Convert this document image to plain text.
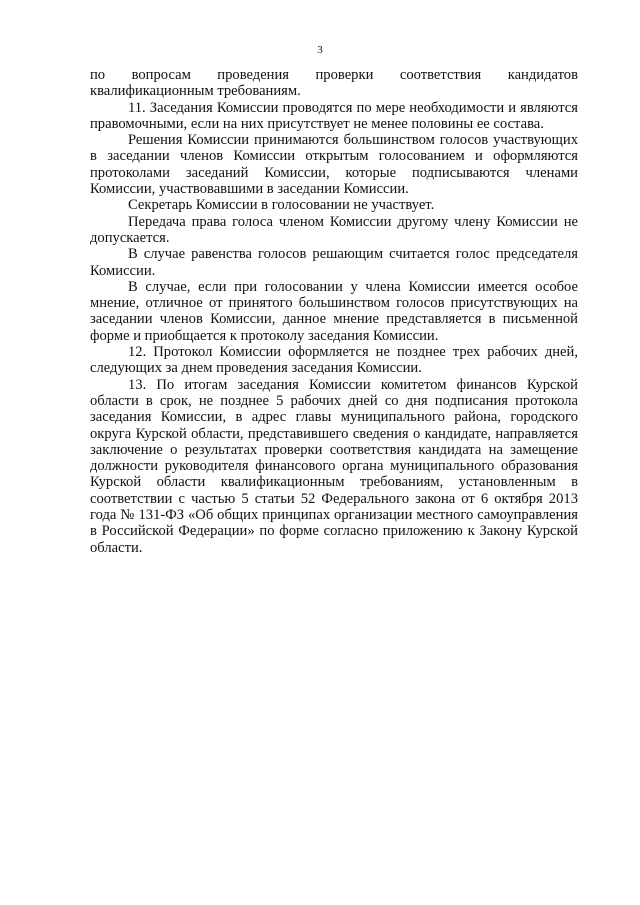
3

по вопросам проведения проверки соответствия кандидатов квалификационным требованиям.

11. Заседания Комиссии проводятся по мере необходимости и являются правомочными, если на них присутствует не менее половины ее состава.

Решения Комиссии принимаются большинством голосов участвующих в заседании членов Комиссии открытым голосованием и оформляются протоколами заседаний Комиссии, которые подписываются членами Комиссии, участвовавшими в заседании Комиссии.

Секретарь Комиссии в голосовании не участвует.

Передача права голоса членом Комиссии другому члену Комиссии не допускается.

В случае равенства голосов решающим считается голос председателя Комиссии.

В случае, если при голосовании у члена Комиссии имеется особое мнение, отличное от принятого большинством голосов присутствующих на заседании членов Комиссии, данное мнение представляется в письменной форме и приобщается к протоколу заседания Комиссии.

12. Протокол Комиссии оформляется не позднее трех рабочих дней, следующих за днем проведения заседания Комиссии.

13. По итогам заседания Комиссии комитетом финансов Курской области в срок, не позднее 5 рабочих дней со дня подписания протокола заседания Комиссии, в адрес главы муниципального района, городского округа Курской области, представившего сведения о кандидате, направляется заключение о результатах проверки соответствия кандидата на замещение должности руководителя финансового органа муниципального образования Курской области квалификационным требованиям, установленным в соответствии с частью 5 статьи 52 Федерального закона от 6 октября 2013 года № 131-ФЗ «Об общих принципах организации местного самоуправления в Российской Федерации» по форме согласно приложению к Закону Курской области.
